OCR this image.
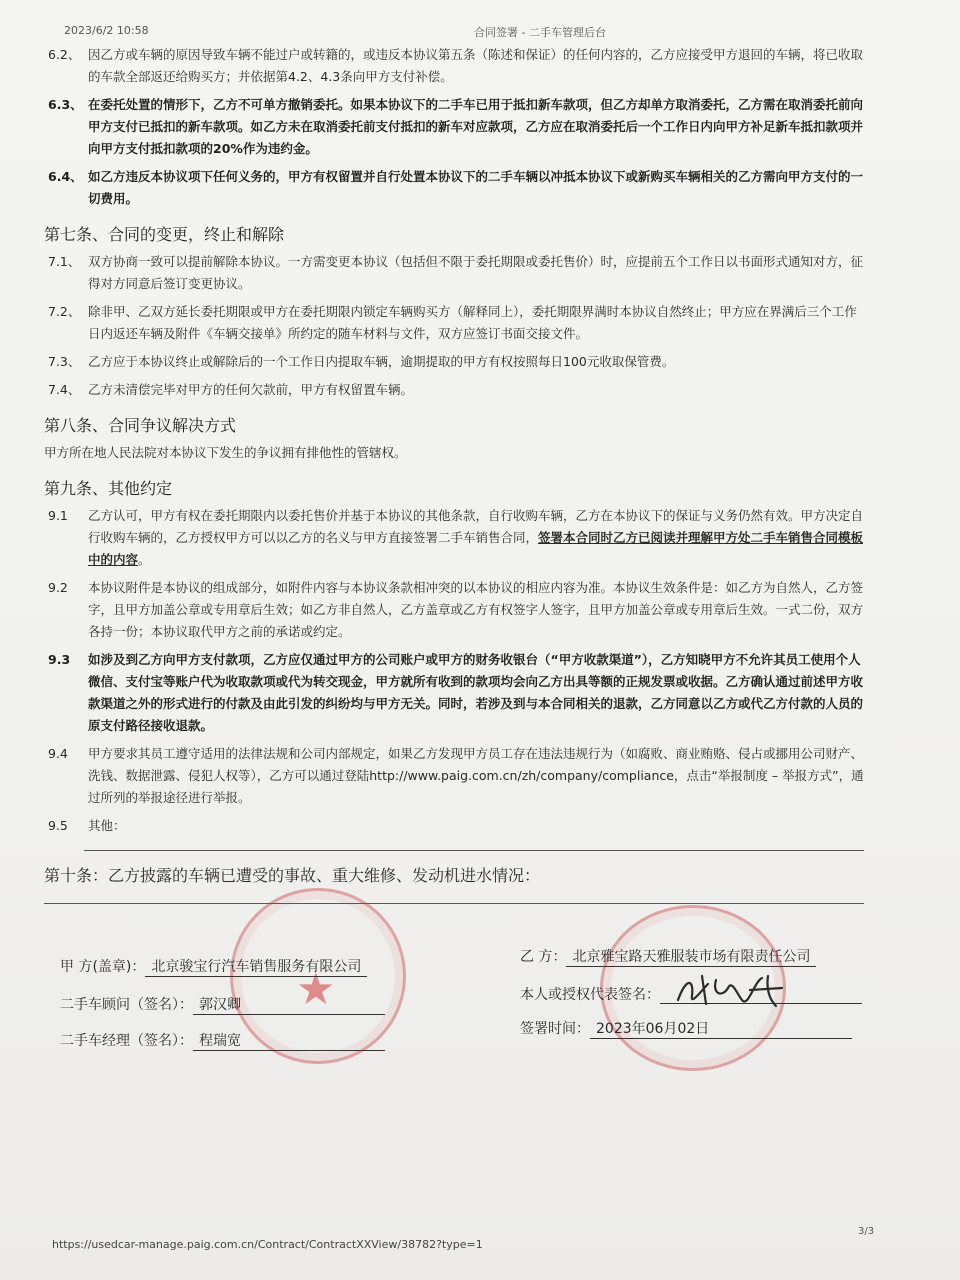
2023/6/2 10:58	合同签署 - 二手车管理后台
6.2、 因乙方或车辆的原因导致车辆不能过户或转籍的，或违反本协议第五条（陈述和保证）的任何内容的，乙方应接受甲方退回的车辆，将已收取的车款全部返还给购买方；并依据第4.2、4.3条向甲方支付补偿。
6.3、 在委托处置的情形下，乙方不可单方撤销委托。如果本协议下的二手车已用于抵扣新车款项，但乙方却单方取消委托，乙方需在取消委托前向甲方支付已抵扣的新车款项。如乙方未在取消委托前支付抵扣的新车对应款项，乙方应在取消委托后一个工作日内向甲方补足新车抵扣款项并向甲方支付抵扣款项的20%作为违约金。
6.4、 如乙方违反本协议项下任何义务的，甲方有权留置并自行处置本协议下的二手车辆以冲抵本协议下或新购买车辆相关的乙方需向甲方支付的一切费用。
第七条、合同的变更，终止和解除
7.1、 双方协商一致可以提前解除本协议。一方需变更本协议（包括但不限于委托期限或委托售价）时，应提前五个工作日以书面形式通知对方，征得对方同意后签订变更协议。
7.2、 除非甲、乙双方延长委托期限或甲方在委托期限内锁定车辆购买方（解释同上），委托期限界满时本协议自然终止；甲方应在界满后三个工作日内返还车辆及附件《车辆交接单》所约定的随车材料与文件，双方应签订书面交接文件。
7.3、 乙方应于本协议终止或解除后的一个工作日内提取车辆，逾期提取的甲方有权按照每日100元收取保管费。
7.4、 乙方未清偿完毕对甲方的任何欠款前，甲方有权留置车辆。
第八条、合同争议解决方式
甲方所在地人民法院对本协议下发生的争议拥有排他性的管辖权。
第九条、其他约定
9.1	乙方认可，甲方有权在委托期限内以委托售价并基于本协议的其他条款，自行收购车辆，乙方在本协议下的保证与义务仍然有效。甲方决定自行收购车辆的，乙方授权甲方可以以乙方的名义与甲方直接签署二手车销售合同，签署本合同时乙方已阅读并理解甲方处二手车销售合同模板中的内容。
9.2	本协议附件是本协议的组成部分，如附件内容与本协议条款相冲突的以本协议的相应内容为准。本协议生效条件是：如乙方为自然人，乙方签字，且甲方加盖公章或专用章后生效；如乙方非自然人，乙方盖章或乙方有权签字人签字，且甲方加盖公章或专用章后生效。一式二份，双方各持一份；本协议取代甲方之前的承诺或约定。
9.3	如涉及到乙方向甲方支付款项，乙方应仅通过甲方的公司账户或甲方的财务收银台（“甲方收款渠道”），乙方知晓甲方不允许其员工使用个人微信、支付宝等账户代为收取款项或代为转交现金，甲方就所有收到的款项均会向乙方出具等额的正规发票或收据。乙方确认通过前述甲方收款渠道之外的形式进行的付款及由此引发的纠纷均与甲方无关。同时，若涉及到与本合同相关的退款，乙方同意以乙方或代乙方付款的人员的原支付路径接收退款。
9.4	甲方要求其员工遵守适用的法律法规和公司内部规定，如果乙方发现甲方员工存在违法违规行为（如腐败、商业贿赂、侵占或挪用公司财产、洗钱、数据泄露、侵犯人权等），乙方可以通过登陆http://www.paig.com.cn/zh/company/compliance，点击“举报制度 – 举报方式”，通过所列的举报途径进行举报。
9.5	其他：
第十条：乙方披露的车辆已遭受的事故、重大维修、发动机进水情况：
★
甲 方(盖章)： 北京骏宝行汽车销售服务有限公司
二手车顾问（签名）： 郭汉卿
二手车经理（签名）： 程瑞宽
乙 方： 北京雅宝路天雅服装市场有限责任公司
本人或授权代表签名：
签署时间： 2023年06月02日
https://usedcar-manage.paig.com.cn/Contract/ContractXXView/38782?type=1
3/3
